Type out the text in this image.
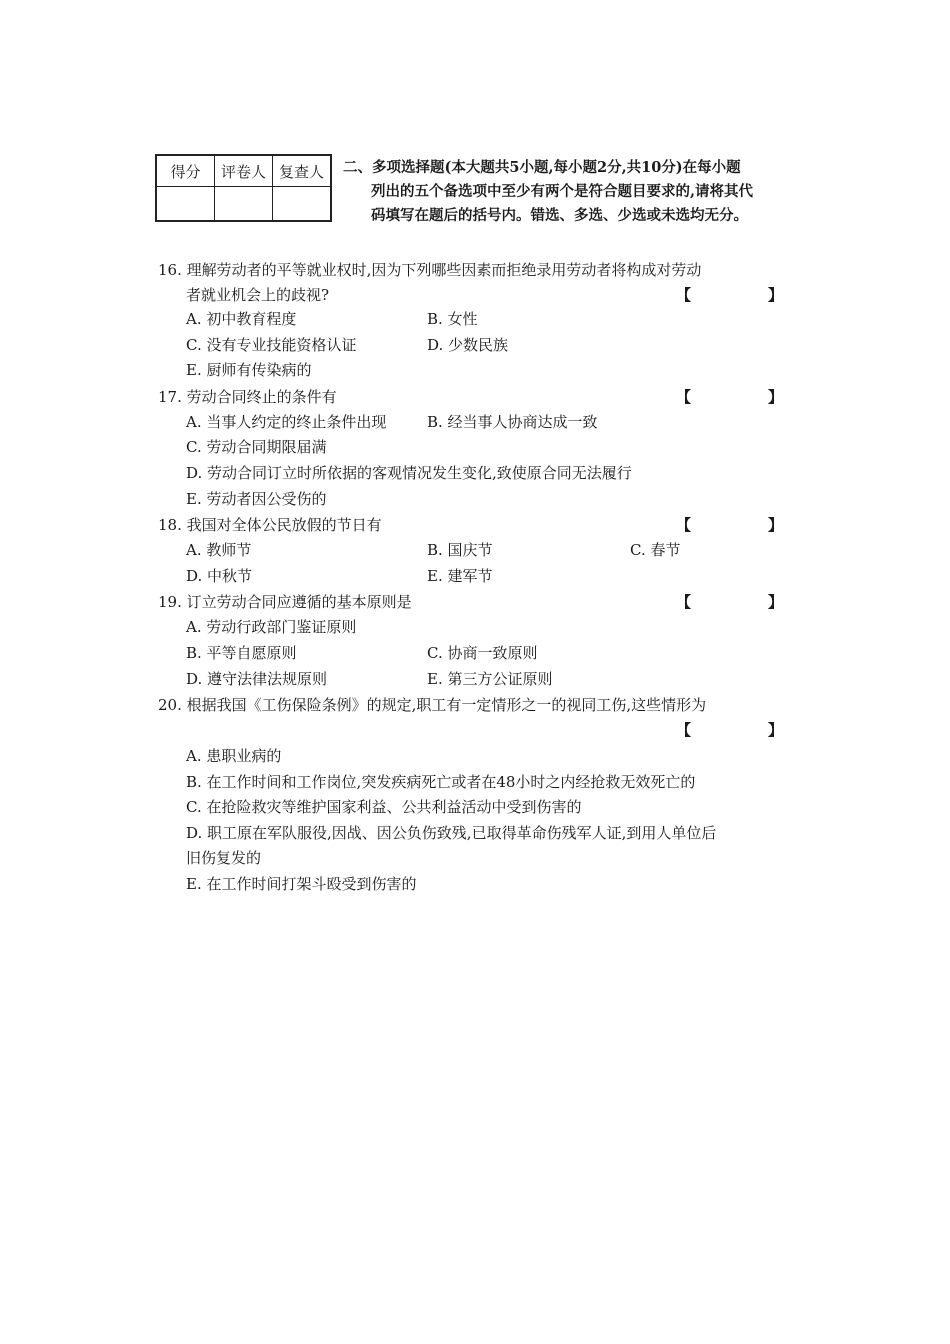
得分	评卷人	复查人
		二、多项选择题(本大题共5小题,每小题2分,共10分)在每小题
列出的五个备选项中至少有两个是符合题目要求的,请将其代
码填写在题后的括号内。错选、多选、少选或未选均无分。
16. 理解劳动者的平等就业权时,因为下列哪些因素而拒绝录用劳动者将构成对劳动
者就业机会上的歧视?	【	】
A. 初中教育程度	B. 女性
C. 没有专业技能资格认证	D. 少数民族
E. 厨师有传染病的
17. 劳动合同终止的条件有	【	】
A. 当事人约定的终止条件出现	B. 经当事人协商达成一致
C. 劳动合同期限届满
D. 劳动合同订立时所依据的客观情况发生变化,致使原合同无法履行
E. 劳动者因公受伤的
18. 我国对全体公民放假的节日有	【	】
A. 教师节	B. 国庆节	C. 春节
D. 中秋节	E. 建军节
19. 订立劳动合同应遵循的基本原则是	【	】
A. 劳动行政部门鉴证原则
B. 平等自愿原则	C. 协商一致原则
D. 遵守法律法规原则	E. 第三方公证原则
20. 根据我国《工伤保险条例》的规定,职工有一定情形之一的视同工伤,这些情形为
【	】
A. 患职业病的
B. 在工作时间和工作岗位,突发疾病死亡或者在48小时之内经抢救无效死亡的
C. 在抢险救灾等维护国家利益、公共利益活动中受到伤害的
D. 职工原在军队服役,因战、因公负伤致残,已取得革命伤残军人证,到用人单位后
旧伤复发的
E. 在工作时间打架斗殴受到伤害的
